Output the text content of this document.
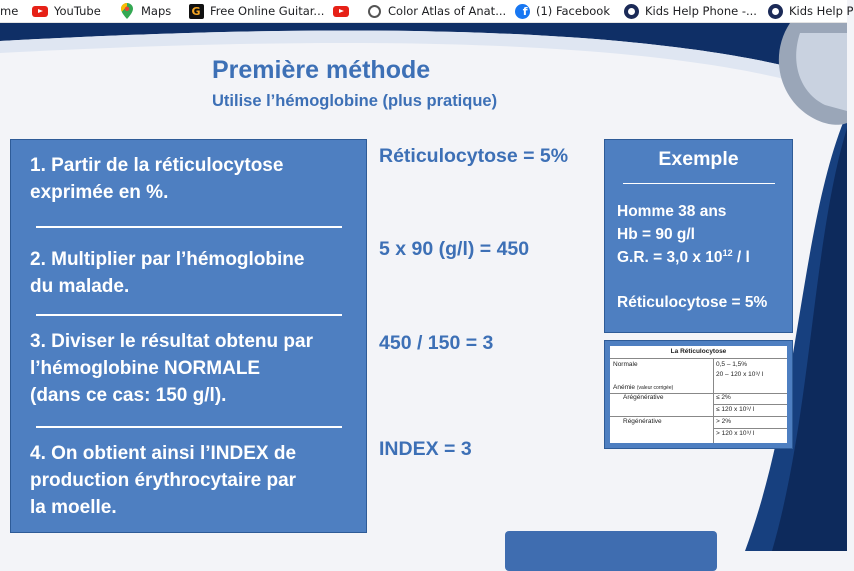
me	YouTube	Maps G Free Online Guitar...	Color Atlas of Anat...	f (1) Facebook	Kids Help Phone -...	Kids Help P
Première méthode
Utilise l’hémoglobine (plus pratique)
1. Partir de la réticulocytose
exprimée en %.
2. Multiplier par l’hémoglobine
du malade.
3. Diviser le résultat obtenu par
l’hémoglobine NORMALE
(dans ce cas: 150 g/l).
4. On obtient ainsi l’INDEX de
production érythrocytaire par
la moelle.
Réticulocytose = 5%
5 x 90 (g/l) = 450
450 / 150 = 3
INDEX = 3
Exemple
Homme 38 ans
Hb = 90 g/l
G.R. = 3,0 x $10^{12}$ / l
Réticulocytose = 5%
La Réticulocytose
Normale	0,5 – 1,5%
20 – 120 x 10⁹/ l
Anémie (valeur corrigée)
Arégénérative	≤ 2%
≤ 120 x 10⁹/ l
Régénérative	> 2%
> 120 x 10⁹/ l
